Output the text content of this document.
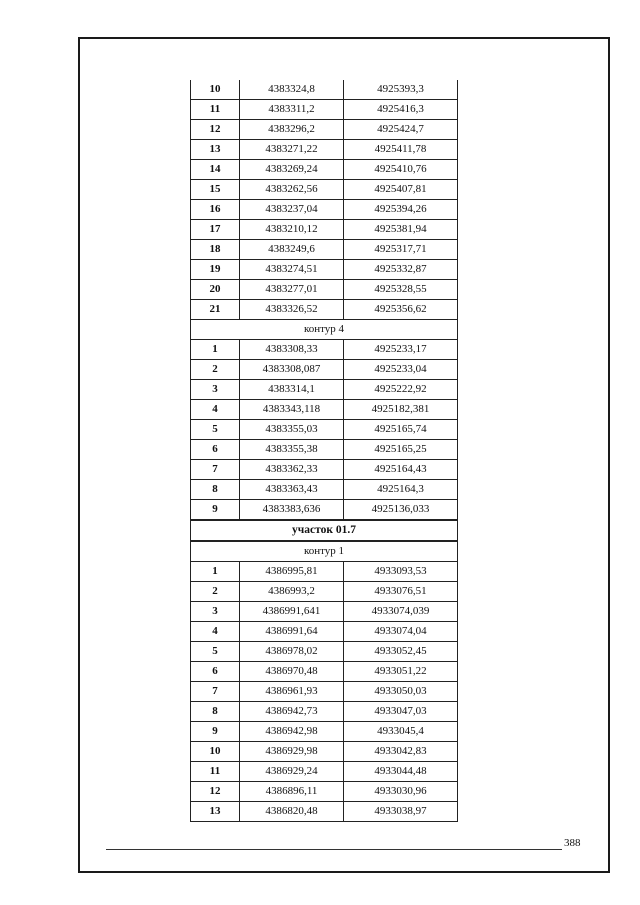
10	4383324,8	4925393,3
11	4383311,2	4925416,3
12	4383296,2	4925424,7
13	4383271,22	4925411,78
14	4383269,24	4925410,76
15	4383262,56	4925407,81
16	4383237,04	4925394,26
17	4383210,12	4925381,94
18	4383249,6	4925317,71
19	4383274,51	4925332,87
20	4383277,01	4925328,55
21	4383326,52	4925356,62
контур 4		
1	4383308,33	4925233,17
2	4383308,087	4925233,04
3	4383314,1	4925222,92
4	4383343,118	4925182,381
5	4383355,03	4925165,74
6	4383355,38	4925165,25
7	4383362,33	4925164,43
8	4383363,43	4925164,3
9	4383383,636	4925136,033
участок 01.7		
контур 1		
1	4386995,81	4933093,53
2	4386993,2	4933076,51
3	4386991,641	4933074,039
4	4386991,64	4933074,04
5	4386978,02	4933052,45
6	4386970,48	4933051,22
7	4386961,93	4933050,03
8	4386942,73	4933047,03
9	4386942,98	4933045,4
10	4386929,98	4933042,83
11	4386929,24	4933044,48
12	4386896,11	4933030,96
13	4386820,48	4933038,97
388
